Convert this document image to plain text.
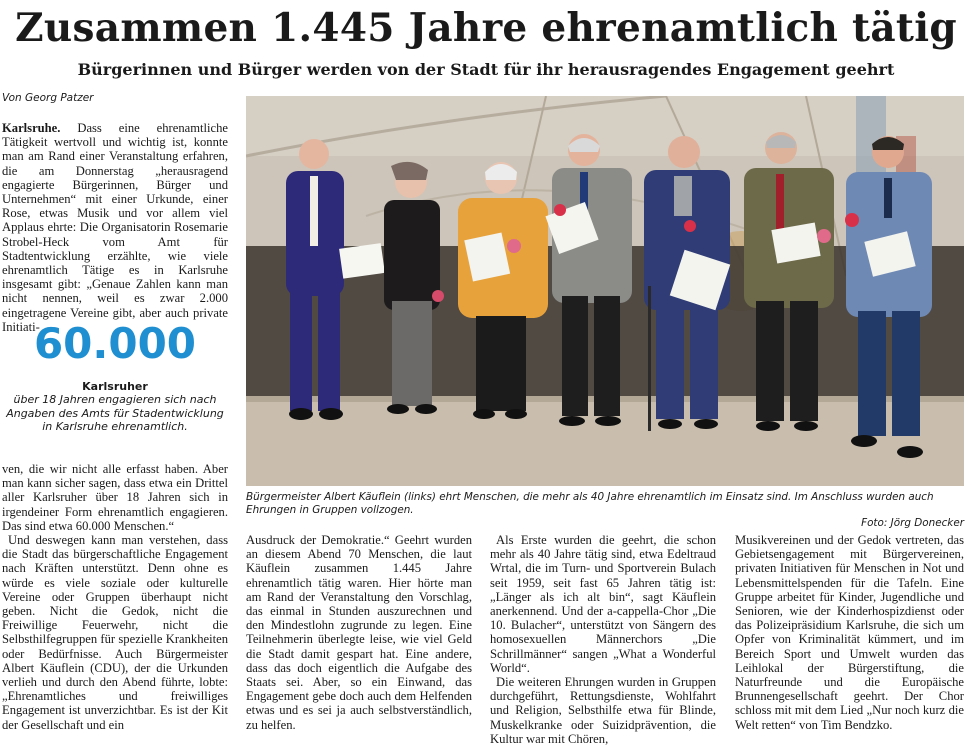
Zusammen 1.445 Jahre ehrenamtlich tätig
Bürgerinnen und Bürger werden von der Stadt für ihr herausragendes Engagement geehrt
Von Georg Patzer

Karlsruhe. Dass eine ehrenamtliche Tätigkeit wertvoll und wichtig ist, konnte man am Rand einer Veranstaltung erfahren, die am Donnerstag „herausragend engagierte Bürgerinnen, Bürger und Unternehmen“ mit einer Urkunde, einer Rose, etwas Musik und vor allem viel Applaus ehrte: Die Organisatorin Rosemarie Strobel-Heck vom Amt für Stadtentwicklung erzählte, wie viele ehrenamtlich Tätige es in Karlsruhe insgesamt gibt: „Genaue Zahlen kann man nicht nennen, weil es zwar 2.000 eingetragene Vereine gibt, aber auch private Initiati-

60.000
Karlsruher
über 18 Jahren engagieren sich nach Angaben des Amts für Stadentwicklung in Karlsruhe ehrenamtlich.

ven, die wir nicht alle erfasst haben. Aber man kann sicher sagen, dass etwa ein Drittel aller Karlsruher über 18 Jahren sich in irgendeiner Form ehrenamtlich engagieren. Das sind etwa 60.000 Menschen.“

Und deswegen kann man verstehen, dass die Stadt das bürgerschaftliche Engagement nach Kräften unterstützt. Denn ohne es würde es viele soziale oder kulturelle Vereine oder Gruppen überhaupt nicht geben. Nicht die Gedok, nicht die Freiwillige Feuerwehr, nicht die Selbsthilfegruppen für spezielle Krankheiten oder Bedürfnisse. Auch Bürgermeister Albert Käuflein (CDU), der die Urkunden verlieh und durch den Abend führte, lobte: „Ehrenamtliches und freiwilliges Engagement ist unverzichtbar. Es ist der Kit der Gesellschaft und ein

Bürgermeister Albert Käuflein (links) ehrt Menschen, die mehr als 40 Jahre ehrenamtlich im Einsatz sind. Im Anschluss wurden auch Ehrungen in Gruppen vollzogen.
Foto: Jörg Donecker

Ausdruck der Demokratie.“ Geehrt wurden an diesem Abend 70 Menschen, die laut Käuflein zusammen 1.445 Jahre ehrenamtlich tätig waren. Hier hörte man am Rand der Veranstaltung den Vorschlag, das einmal in Stunden auszurechnen und den Mindestlohn zugrunde zu legen. Eine Teilnehmerin überlegte leise, wie viel Geld die Stadt damit gespart hat. Eine andere, dass das doch eigentlich die Aufgabe des Staats sei. Aber, so ein Einwand, das Engagement gebe doch auch dem Helfenden etwas und es sei ja auch selbstverständlich, zu helfen.

Als Erste wurden die geehrt, die schon mehr als 40 Jahre tätig sind, etwa Edeltraud Wrtal, die im Turn- und Sportverein Bulach seit 1959, seit fast 65 Jahren tätig ist: „Länger als ich alt bin“, sagt Käuflein anerkennend. Und der a-cappella-Chor „Die 10. Bulacher“, unterstützt von Sängern des homosexuellen Männerchors „Die Schrillmänner“ sangen „What a Wonderful World“.

Die weiteren Ehrungen wurden in Gruppen durchgeführt, Rettungsdienste, Wohlfahrt und Religion, Selbsthilfe etwa für Blinde, Muskelkranke oder Suizidprävention, die Kultur war mit Chören,

Musikvereinen und der Gedok vertreten, das Gebietsengagement mit Bürgervereinen, privaten Initiativen für Menschen in Not und Lebensmittelspenden für die Tafeln. Eine Gruppe arbeitet für Kinder, Jugendliche und Senioren, wie der Kinderhospizdienst oder das Polizeipräsidium Karlsruhe, die sich um Opfer von Kriminalität kümmert, und im Bereich Sport und Umwelt wurden das Leihlokal der Bürgerstiftung, die Naturfreunde und die Europäische Brunnengesellschaft geehrt. Der Chor schloss mit mit dem Lied „Nur noch kurz die Welt retten“ von Tim Bendzko.
